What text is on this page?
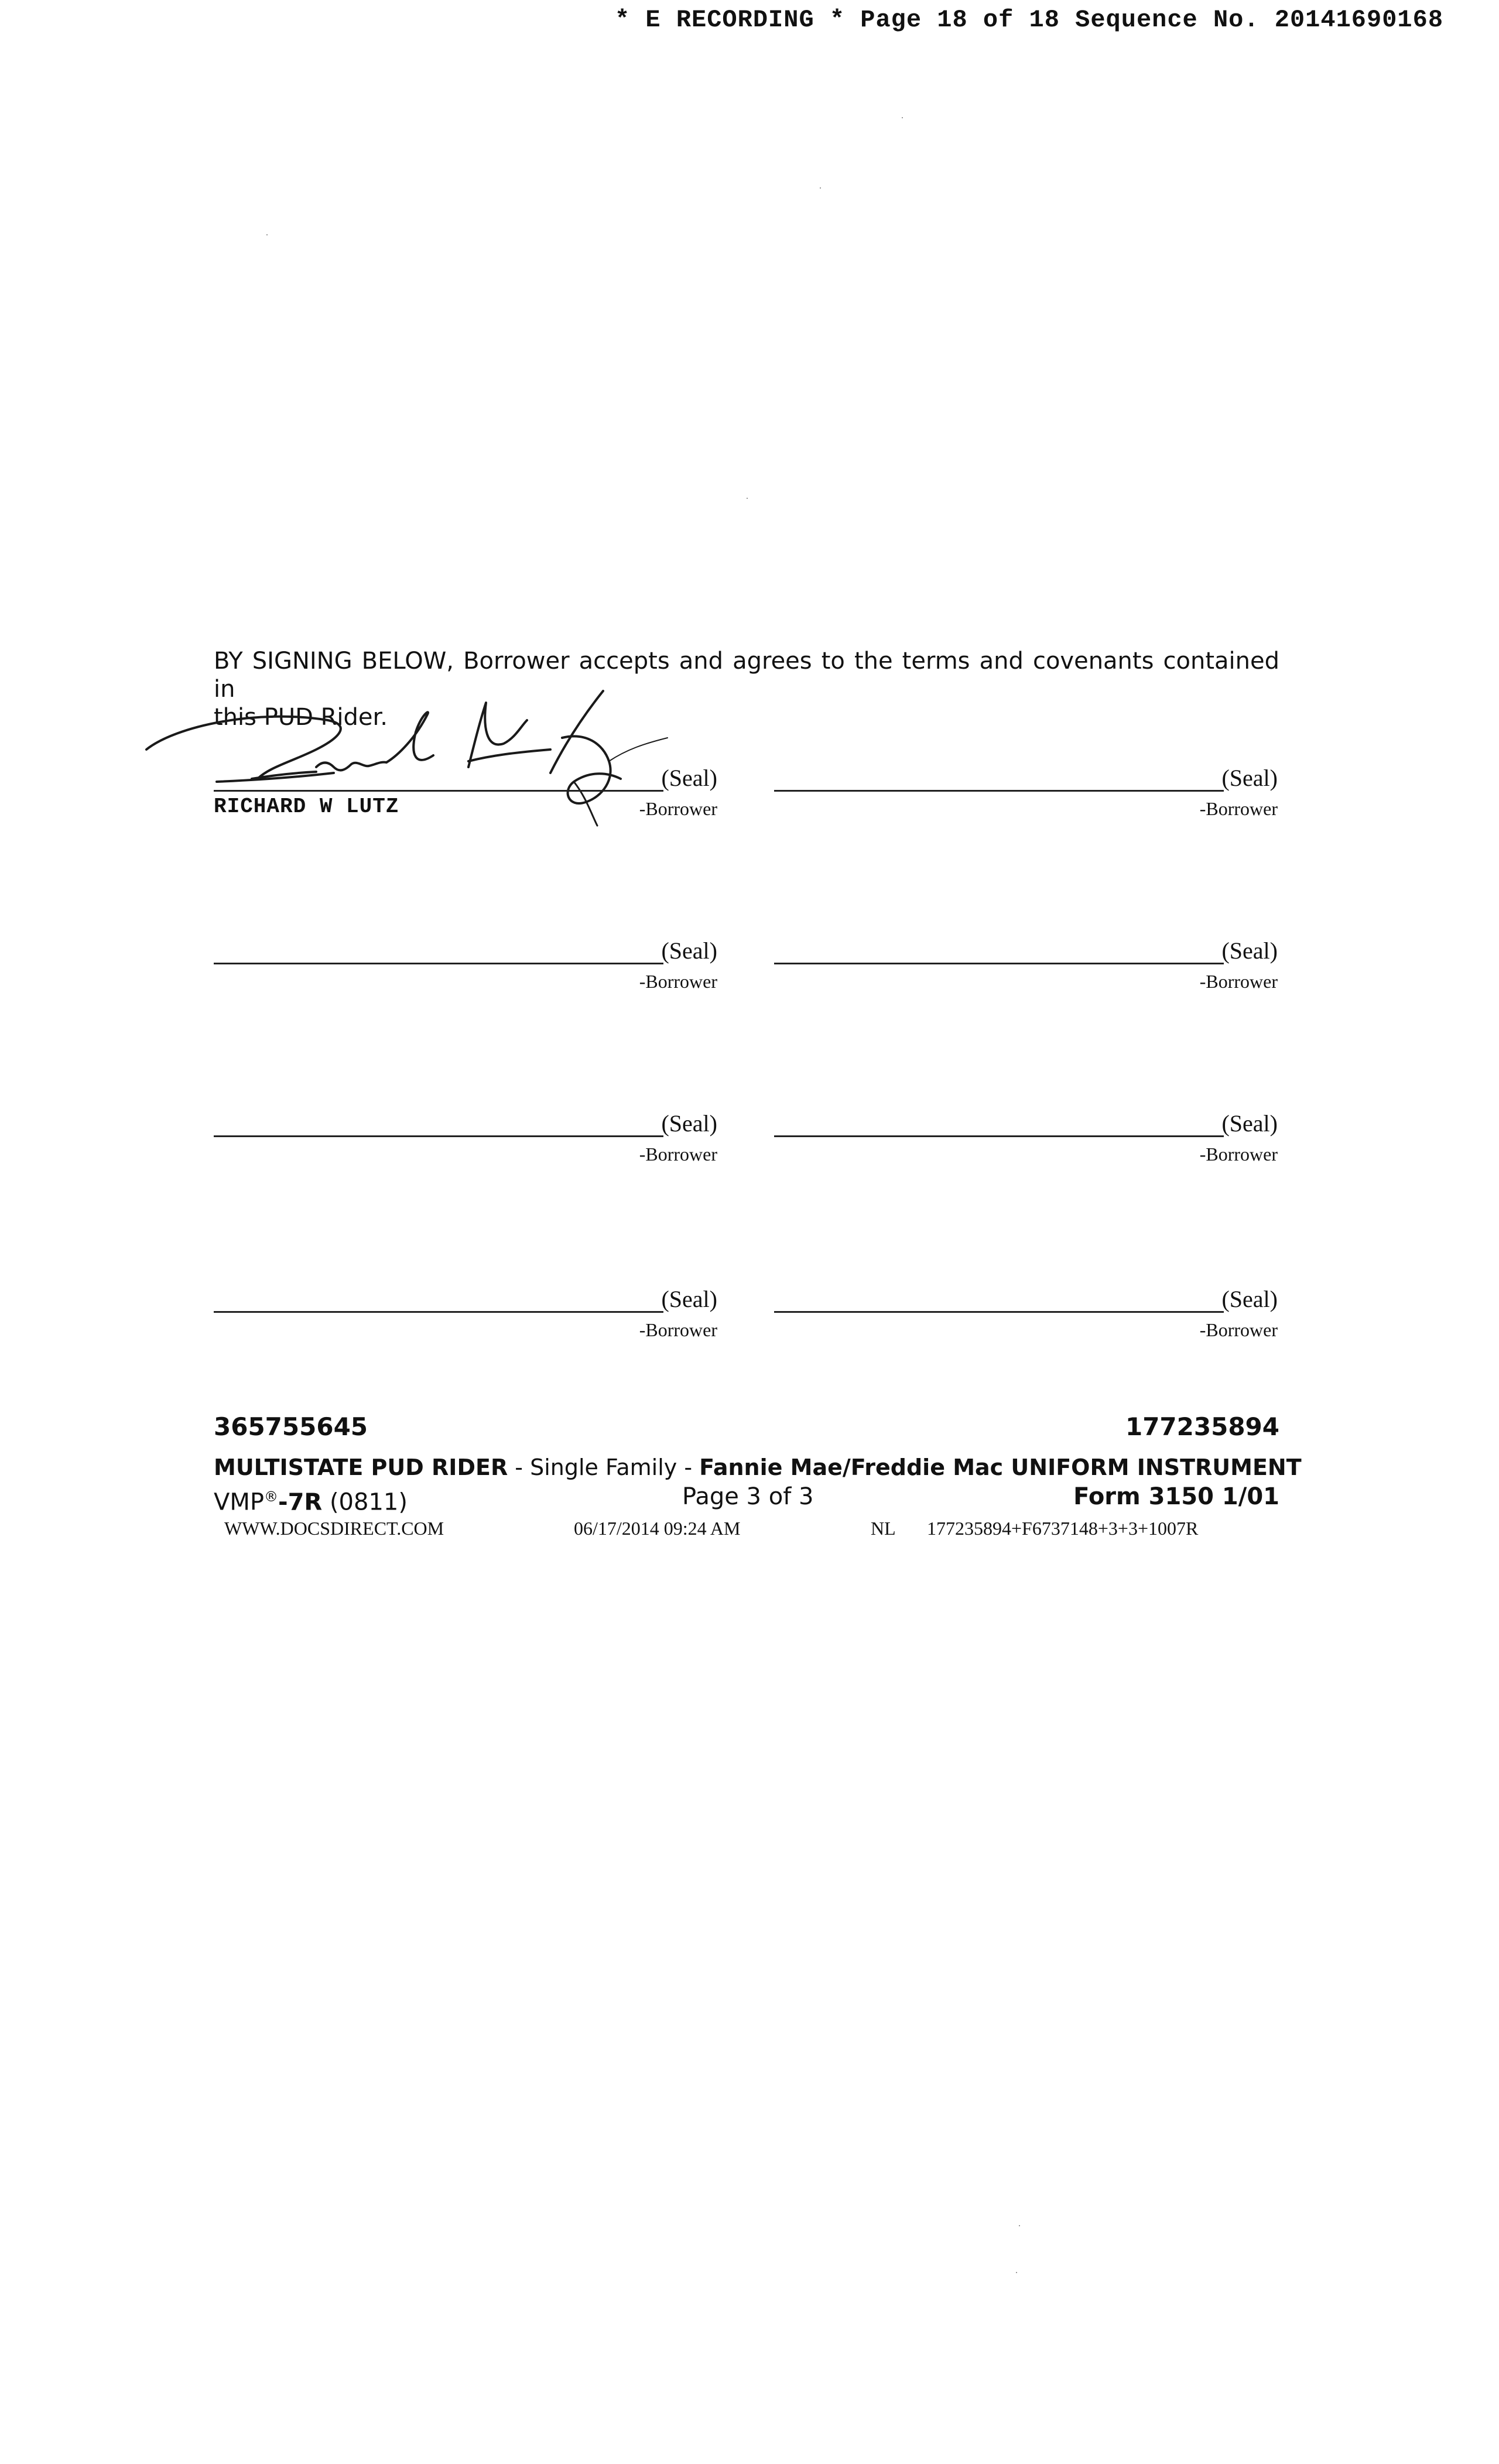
* E RECORDING * Page 18 of 18 Sequence No. 20141690168
BY SIGNING BELOW, Borrower accepts and agrees to the terms and covenants contained in
this PUD Rider.
(Seal)
-Borrower
RICHARD W LUTZ
(Seal)
-Borrower
(Seal)
-Borrower
(Seal)
-Borrower
(Seal)
-Borrower
(Seal)
-Borrower
(Seal)
-Borrower
(Seal)
-Borrower
365755645	177235894
MULTISTATE PUD RIDER - Single Family - Fannie Mae/Freddie Mac UNIFORM INSTRUMENT
VMP®-7R (0811)	Page 3 of 3	Form 3150 1/01
WWW.DOCSDIRECT.COM	06/17/2014 09:24 AM	NL 177235894+F6737148+3+3+1007R
